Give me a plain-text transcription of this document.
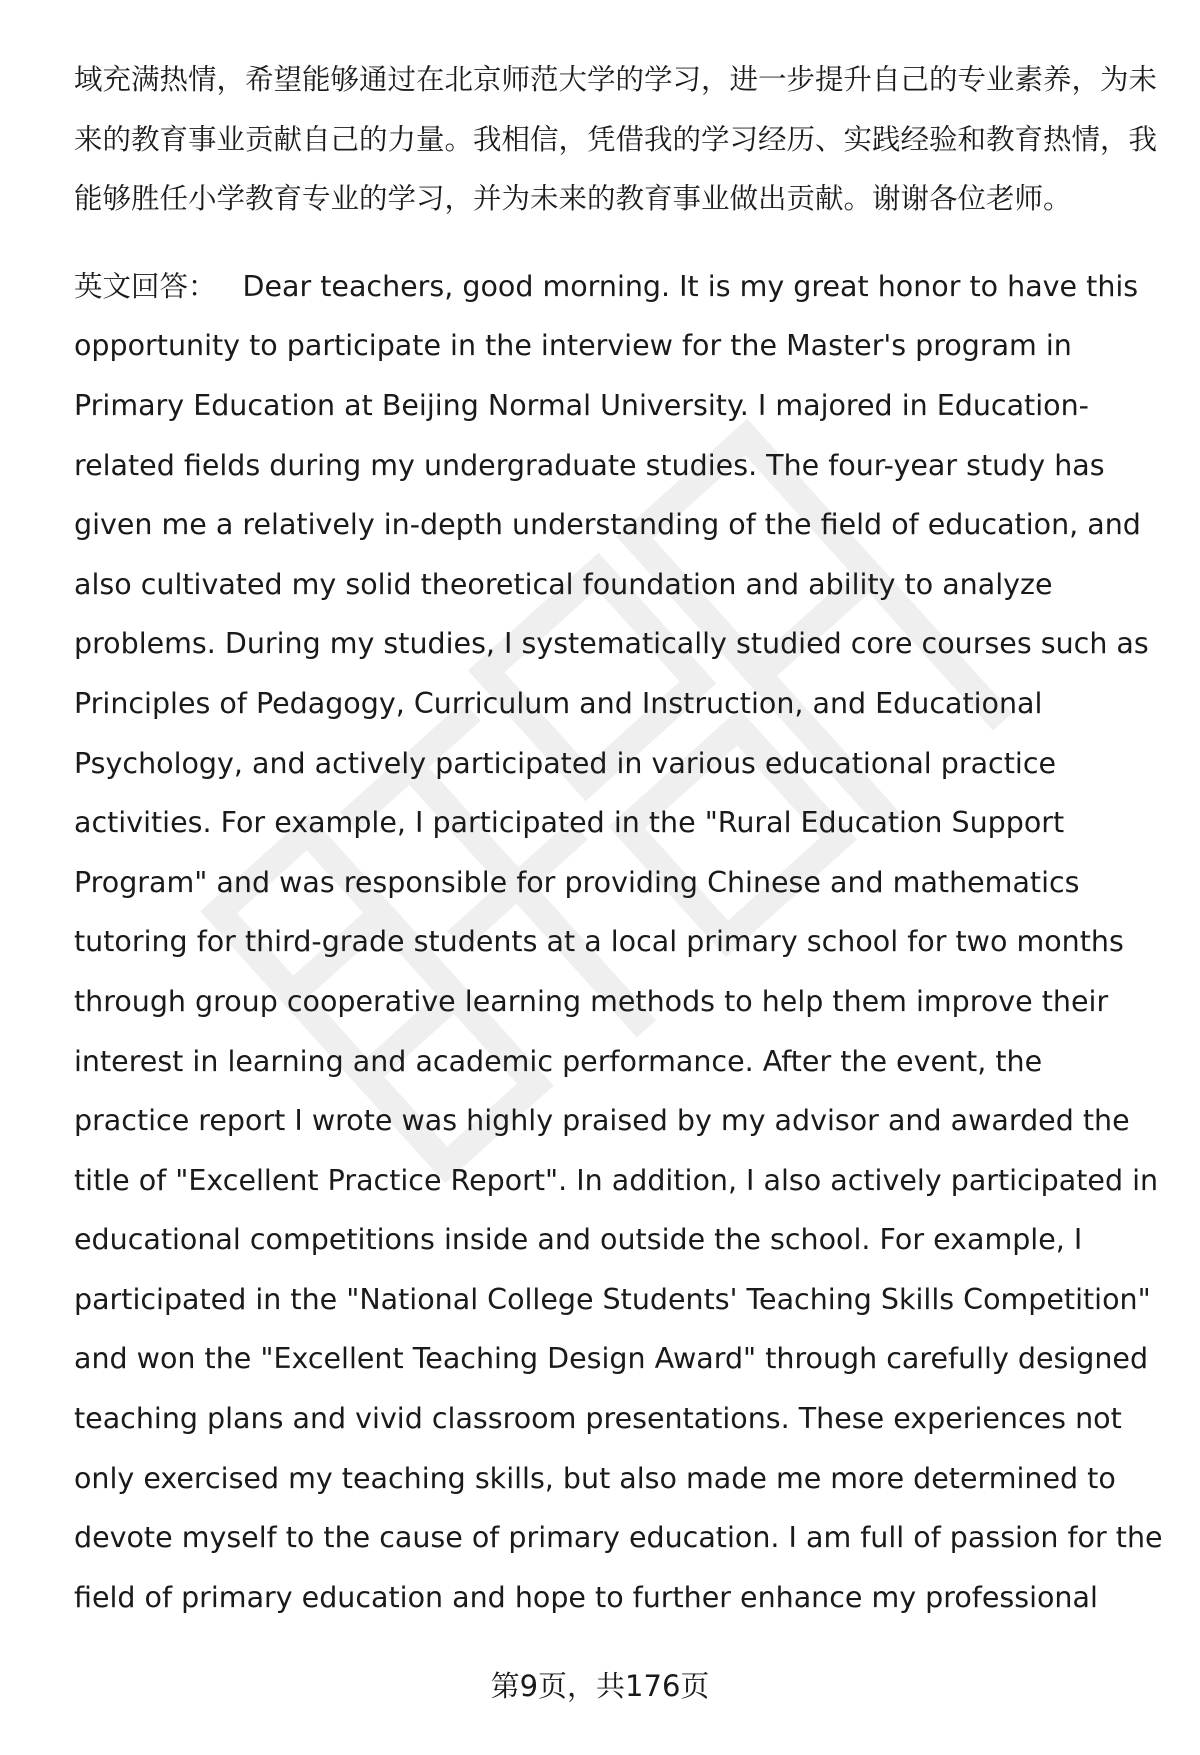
域充满热情，希望能够通过在北京师范大学的学习，进一步提升自己的专业素养，为未来的教育事业贡献自己的力量。我相信，凭借我的学习经历、实践经验和教育热情，我能够胜任小学教育专业的学习，并为未来的教育事业做出贡献。谢谢各位老师。

英文回答： Dear teachers, good morning. It is my great honor to have this opportunity to participate in the interview for the Master's program in Primary Education at Beijing Normal University. I majored in Education-related fields during my undergraduate studies. The four-year study has given me a relatively in-depth understanding of the field of education, and also cultivated my solid theoretical foundation and ability to analyze problems. During my studies, I systematically studied core courses such as Principles of Pedagogy, Curriculum and Instruction, and Educational Psychology, and actively participated in various educational practice activities. For example, I participated in the "Rural Education Support Program" and was responsible for providing Chinese and mathematics tutoring for third-grade students at a local primary school for two months through group cooperative learning methods to help them improve their interest in learning and academic performance. After the event, the practice report I wrote was highly praised by my advisor and awarded the title of "Excellent Practice Report". In addition, I also actively participated in educational competitions inside and outside the school. For example, I participated in the "National College Students' Teaching Skills Competition" and won the "Excellent Teaching Design Award" through carefully designed teaching plans and vivid classroom presentations. These experiences not only exercised my teaching skills, but also made me more determined to devote myself to the cause of primary education. I am full of passion for the field of primary education and hope to further enhance my professional

第9页，共176页
